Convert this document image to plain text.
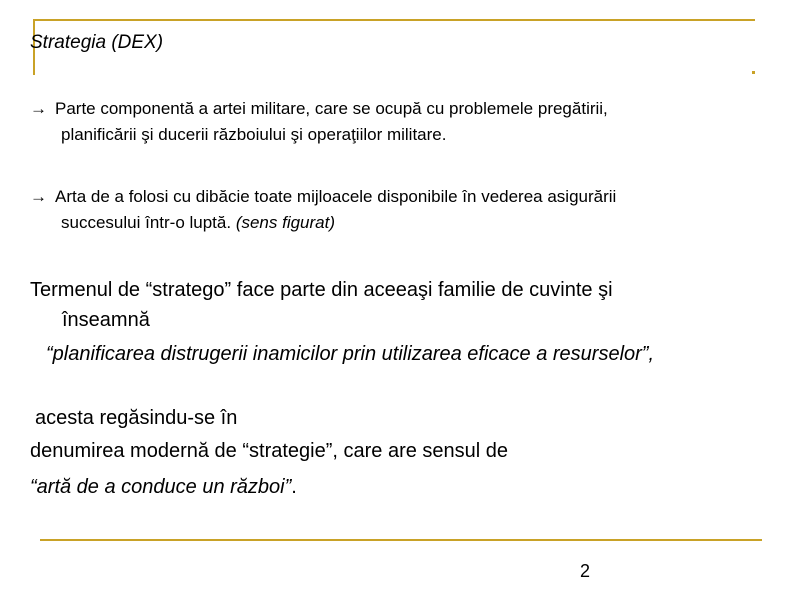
Strategia (DEX)
→ Parte componentă a artei militare, care se ocupă cu problemele pregătirii,
planificării şi ducerii războiului şi operaţiilor militare.
→ Arta de a folosi cu dibăcie toate mijloacele disponibile în vederea asigurării
succesului într-o luptă. (sens figurat)
Termenul de “stratego” face parte din aceeaşi familie de cuvinte şi
înseamnă
“planificarea distrugerii inamicilor prin utilizarea eficace a resurselor”,
acesta regăsindu-se în
denumirea modernă de “strategie”, care are sensul de
“artă de a conduce un război”.
2
